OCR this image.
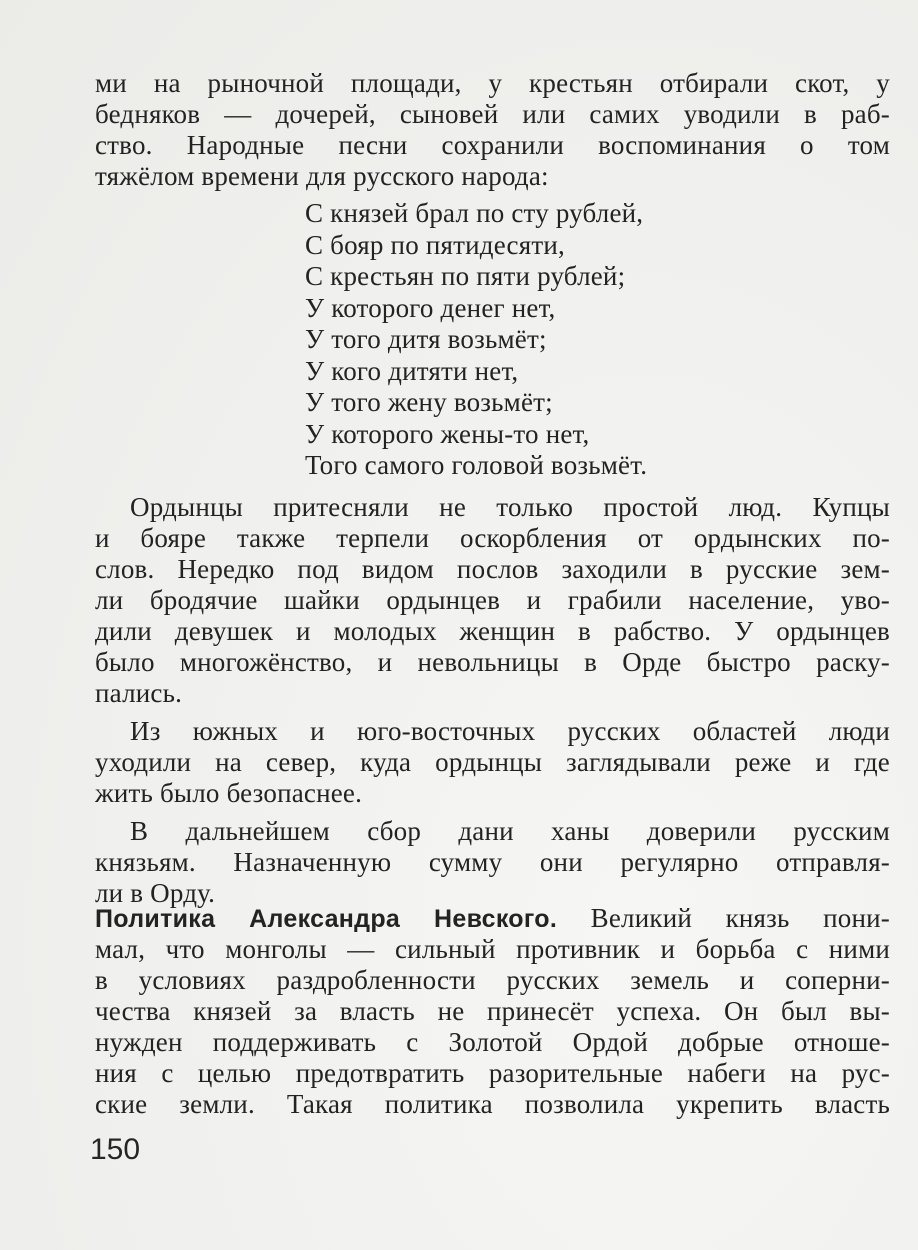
ми на рыночной площади, у крестьян отбирали скот, у
бедняков — дочерей, сыновей или самих уводили в раб-
ство. Народные песни сохранили воспоминания о том
тяжёлом времени для русского народа:
С князей брал по сту рублей,
С бояр по пятидесяти,
С крестьян по пяти рублей;
У которого денег нет,
У того дитя возьмёт;
У кого дитяти нет,
У того жену возьмёт;
У которого жены-то нет,
Того самого головой возьмёт.
Ордынцы притесняли не только простой люд. Купцы
и бояре также терпели оскорбления от ордынских по-
слов. Нередко под видом послов заходили в русские зем-
ли бродячие шайки ордынцев и грабили население, уво-
дили девушек и молодых женщин в рабство. У ордынцев
было многожёнство, и невольницы в Орде быстро раску-
пались.
Из южных и юго-восточных русских областей люди
уходили на север, куда ордынцы заглядывали реже и где
жить было безопаснее.
В дальнейшем сбор дани ханы доверили русским
князьям. Назначенную сумму они регулярно отправля-
ли в Орду.
Политика Александра Невского. Великий князь пони-
мал, что монголы — сильный противник и борьба с ними
в условиях раздробленности русских земель и соперни-
чества князей за власть не принесёт успеха. Он был вы-
нужден поддерживать с Золотой Ордой добрые отноше-
ния с целью предотвратить разорительные набеги на рус-
ские земли. Такая политика позволила укрепить власть
150
